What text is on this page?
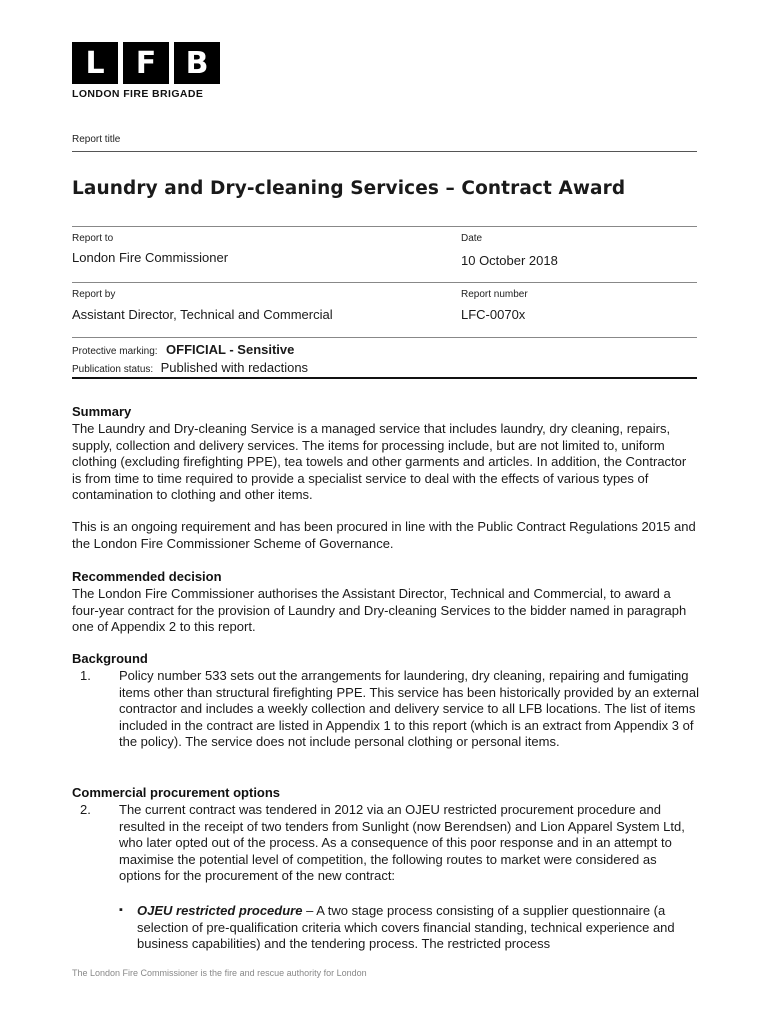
L	F B
LONDON FIRE BRIGADE
Report title
Laundry and Dry-cleaning Services – Contract Award
Report to
London Fire Commissioner
Date
10 October 2018
Report by
Assistant Director, Technical and Commercial
Report number
LFC-0070x
Protective marking: OFFICIAL - Sensitive
Publication status: Published with redactions
Summary
The Laundry and Dry-cleaning Service is a managed service that includes laundry, dry cleaning, repairs, supply, collection and delivery services. The items for processing include, but are not limited to, uniform clothing (excluding firefighting PPE), tea towels and other garments and articles. In addition, the Contractor is from time to time required to provide a specialist service to deal with the effects of various types of contamination to clothing and other items.
This is an ongoing requirement and has been procured in line with the Public Contract Regulations 2015 and the London Fire Commissioner Scheme of Governance.
Recommended decision
The London Fire Commissioner authorises the Assistant Director, Technical and Commercial, to award a four-year contract for the provision of Laundry and Dry-cleaning Services to the bidder named in paragraph one of Appendix 2 to this report.
Background
1. Policy number 533 sets out the arrangements for laundering, dry cleaning, repairing and fumigating items other than structural firefighting PPE. This service has been historically provided by an external contractor and includes a weekly collection and delivery service to all LFB locations. The list of items included in the contract are listed in Appendix 1 to this report (which is an extract from Appendix 3 of the policy). The service does not include personal clothing or personal items.
Commercial procurement options
2. The current contract was tendered in 2012 via an OJEU restricted procurement procedure and resulted in the receipt of two tenders from Sunlight (now Berendsen) and Lion Apparel System Ltd, who later opted out of the process. As a consequence of this poor response and in an attempt to maximise the potential level of competition, the following routes to market were considered as options for the procurement of the new contract:
▪ OJEU restricted procedure – A two stage process consisting of a supplier questionnaire (a selection of pre-qualification criteria which covers financial standing, technical experience and business capabilities) and the tendering process. The restricted process
The London Fire Commissioner is the fire and rescue authority for London
